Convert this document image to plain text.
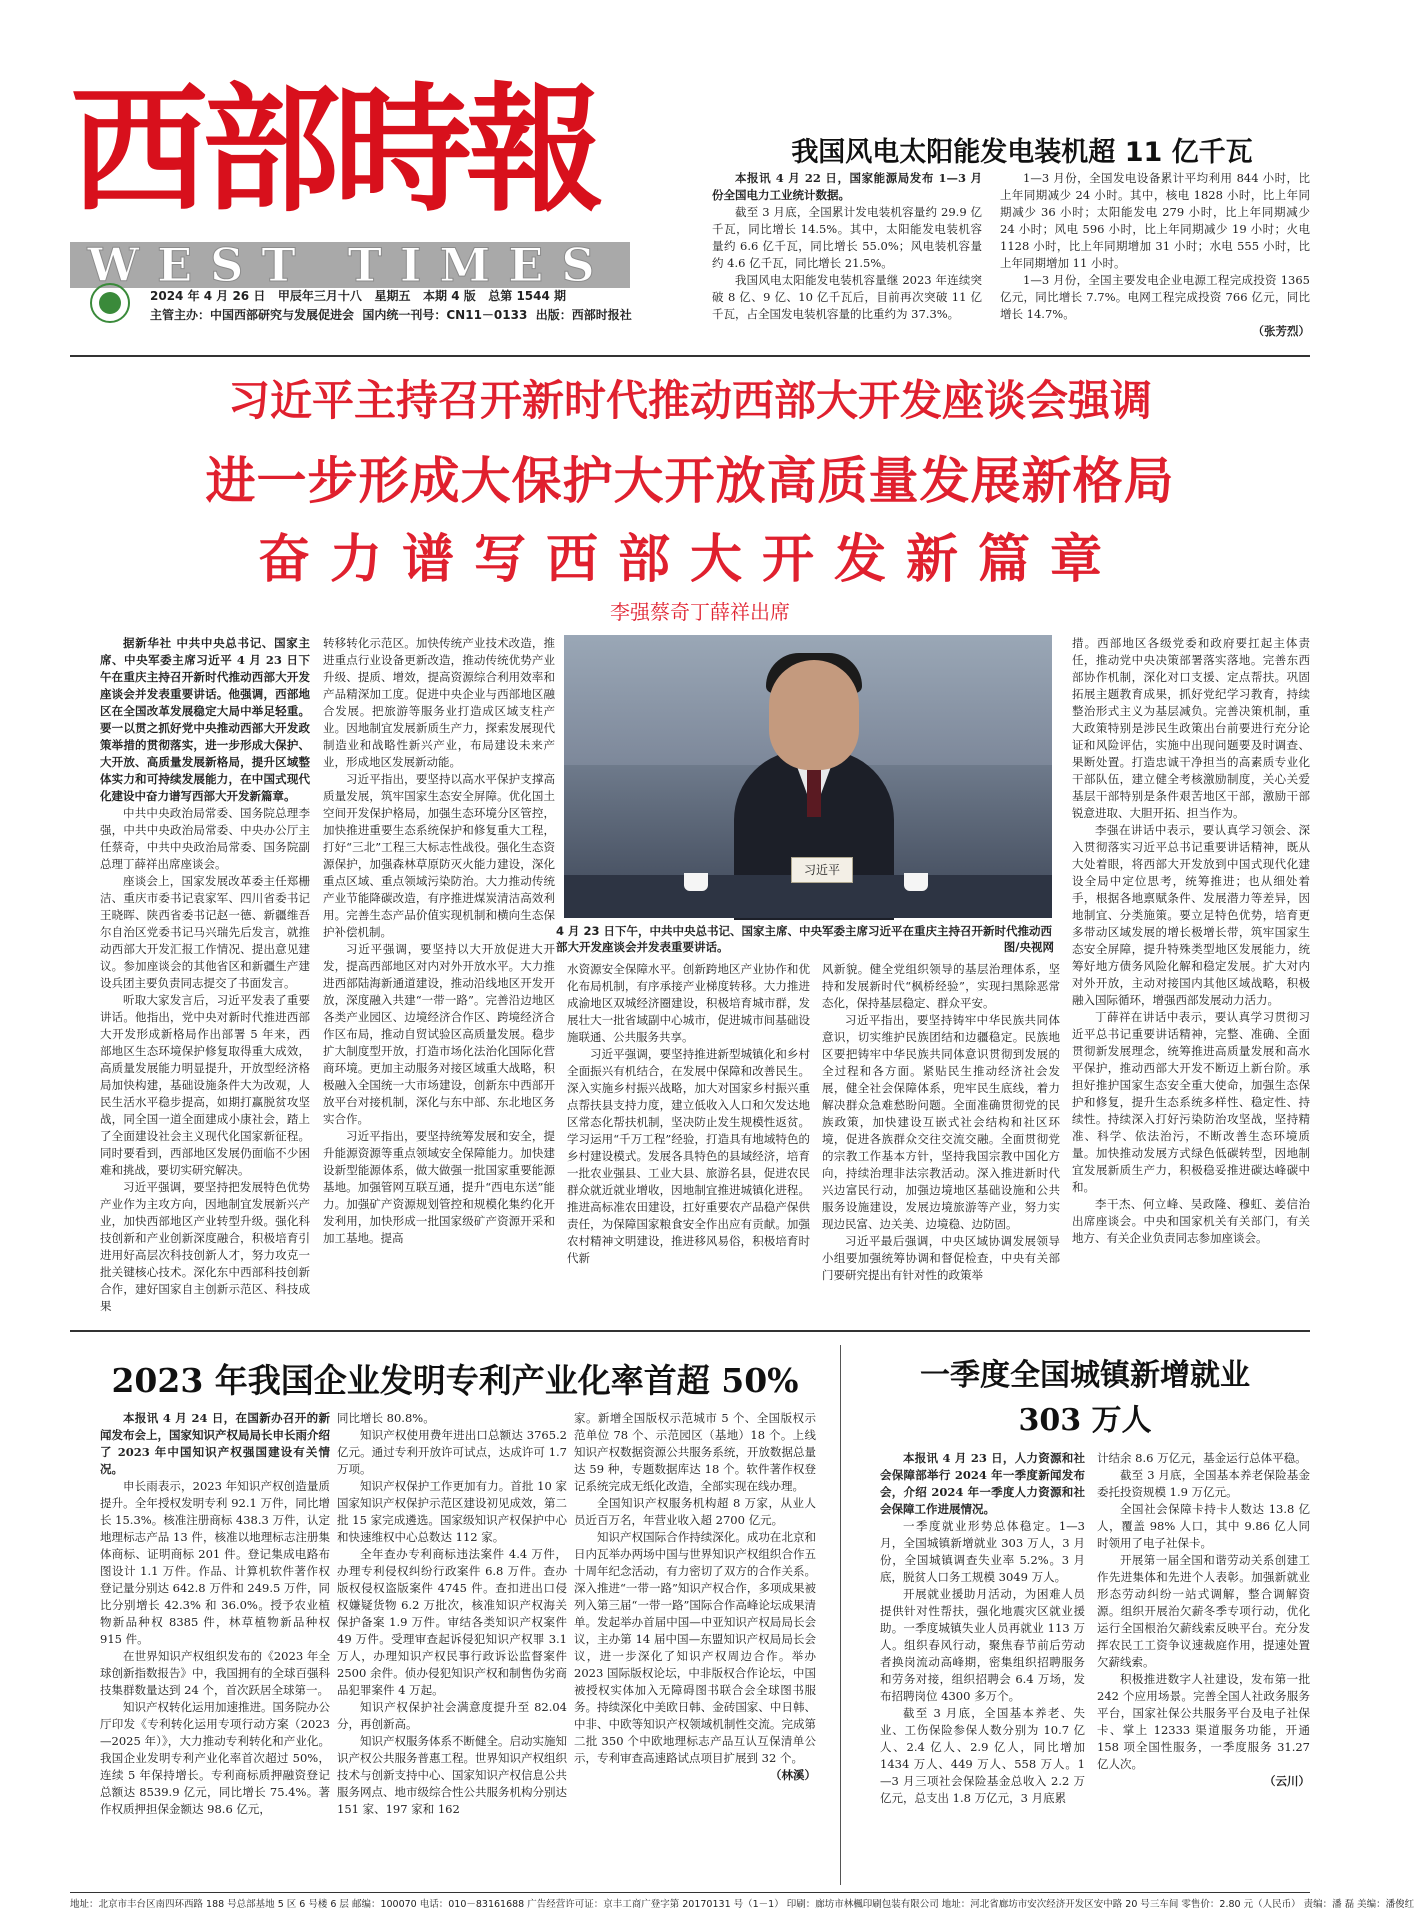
西部時報
WEST TIMES
2024 年 4 月 26 日 甲辰年三月十八 星期五 本期 4 版 总第 1544 期
主管主办：中国西部研究与发展促进会 国内统一刊号：CN11－0133 出版：西部时报社
我国风电太阳能发电装机超 11 亿千瓦

本报讯 4 月 22 日，国家能源局发布 1—3 月份全国电力工业统计数据。

截至 3 月底，全国累计发电装机容量约 29.9 亿千瓦，同比增长 14.5%。其中，太阳能发电装机容量约 6.6 亿千瓦，同比增长 55.0%；风电装机容量约 4.6 亿千瓦，同比增长 21.5%。

我国风电太阳能发电装机容量继 2023 年连续突破 8 亿、9 亿、10 亿千瓦后，目前再次突破 11 亿千瓦，占全国发电装机容量的比重约为 37.3%。

1—3 月份，全国发电设备累计平均利用 844 小时，比上年同期减少 24 小时。其中，核电 1828 小时，比上年同期减少 36 小时；太阳能发电 279 小时，比上年同期减少 24 小时；风电 596 小时，比上年同期减少 19 小时；火电 1128 小时，比上年同期增加 31 小时；水电 555 小时，比上年同期增加 11 小时。

1—3 月份，全国主要发电企业电源工程完成投资 1365 亿元，同比增长 7.7%。电网工程完成投资 766 亿元，同比增长 14.7%。

（张芳烈）
习近平主持召开新时代推动西部大开发座谈会强调
进一步形成大保护大开放高质量发展新格局
奋力谱写西部大开发新篇章
李强蔡奇丁薛祥出席

据新华社 中共中央总书记、国家主席、中央军委主席习近平 4 月 23 日下午在重庆主持召开新时代推动西部大开发座谈会并发表重要讲话。他强调，西部地区在全国改革发展稳定大局中举足轻重。要一以贯之抓好党中央推动西部大开发政策举措的贯彻落实，进一步形成大保护、大开放、高质量发展新格局，提升区域整体实力和可持续发展能力，在中国式现代化建设中奋力谱写西部大开发新篇章。

中共中央政治局常委、国务院总理李强，中共中央政治局常委、中央办公厅主任蔡奇，中共中央政治局常委、国务院副总理丁薛祥出席座谈会。

座谈会上，国家发展改革委主任郑栅洁、重庆市委书记袁家军、四川省委书记王晓晖、陕西省委书记赵一德、新疆维吾尔自治区党委书记马兴瑞先后发言，就推动西部大开发汇报工作情况、提出意见建议。参加座谈会的其他省区和新疆生产建设兵团主要负责同志提交了书面发言。

听取大家发言后，习近平发表了重要讲话。他指出，党中央对新时代推进西部大开发形成新格局作出部署 5 年来，西部地区生态环境保护修复取得重大成效，高质量发展能力明显提升，开放型经济格局加快构建，基础设施条件大为改观，人民生活水平稳步提高，如期打赢脱贫攻坚战，同全国一道全面建成小康社会，踏上了全面建设社会主义现代化国家新征程。同时要看到，西部地区发展仍面临不少困难和挑战，要切实研究解决。

习近平强调，要坚持把发展特色优势产业作为主攻方向，因地制宜发展新兴产业，加快西部地区产业转型升级。强化科技创新和产业创新深度融合，积极培育引进用好高层次科技创新人才，努力攻克一批关键核心技术。深化东中西部科技创新合作，建好国家自主创新示范区、科技成果

转移转化示范区。加快传统产业技术改造，推进重点行业设备更新改造，推动传统优势产业升级、提质、增效，提高资源综合利用效率和产品精深加工度。促进中央企业与西部地区融合发展。把旅游等服务业打造成区域支柱产业。因地制宜发展新质生产力，探索发展现代制造业和战略性新兴产业，布局建设未来产业，形成地区发展新动能。

习近平指出，要坚持以高水平保护支撑高质量发展，筑牢国家生态安全屏障。优化国土空间开发保护格局，加强生态环境分区管控，加快推进重要生态系统保护和修复重大工程，打好“三北”工程三大标志性战役。强化生态资源保护，加强森林草原防灭火能力建设，深化重点区域、重点领域污染防治。大力推动传统产业节能降碳改造，有序推进煤炭清洁高效利用。完善生态产品价值实现机制和横向生态保护补偿机制。

习近平强调，要坚持以大开放促进大开发，提高西部地区对内对外开放水平。大力推进西部陆海新通道建设，推动沿线地区开发开放，深度融入共建“一带一路”。完善沿边地区各类产业园区、边境经济合作区、跨境经济合作区布局，推动自贸试验区高质量发展。稳步扩大制度型开放，打造市场化法治化国际化营商环境。更加主动服务对接区域重大战略，积极融入全国统一大市场建设，创新东中西部开放平台对接机制，深化与东中部、东北地区务实合作。

习近平指出，要坚持统筹发展和安全，提升能源资源等重点领域安全保障能力。加快建设新型能源体系，做大做强一批国家重要能源基地。加强管网互联互通，提升“西电东送”能力。加强矿产资源规划管控和规模化集约化开发利用，加快形成一批国家级矿产资源开采和加工基地。提高

习近平
4 月 23 日下午，中共中央总书记、国家主席、中央军委主席习近平在重庆主持召开新时代推动西部大开发座谈会并发表重要讲话。	图/央视网

水资源安全保障水平。创新跨地区产业协作和优化布局机制，有序承接产业梯度转移。大力推进成渝地区双城经济圈建设，积极培育城市群，发展壮大一批省域副中心城市，促进城市间基础设施联通、公共服务共享。

习近平强调，要坚持推进新型城镇化和乡村全面振兴有机结合，在发展中保障和改善民生。深入实施乡村振兴战略，加大对国家乡村振兴重点帮扶县支持力度，建立低收入人口和欠发达地区常态化帮扶机制，坚决防止发生规模性返贫。学习运用“千万工程”经验，打造具有地域特色的乡村建设模式。发展各具特色的县域经济，培育一批农业强县、工业大县、旅游名县，促进农民群众就近就业增收，因地制宜推进城镇化进程。推进高标准农田建设，扛好重要农产品稳产保供责任，为保障国家粮食安全作出应有贡献。加强农村精神文明建设，推进移风易俗，积极培育时代新

风新貌。健全党组织领导的基层治理体系，坚持和发展新时代“枫桥经验”，实现扫黑除恶常态化，保持基层稳定、群众平安。

习近平指出，要坚持铸牢中华民族共同体意识，切实维护民族团结和边疆稳定。民族地区要把铸牢中华民族共同体意识贯彻到发展的全过程和各方面。紧贴民生推动经济社会发展，健全社会保障体系，兜牢民生底线，着力解决群众急难愁盼问题。全面准确贯彻党的民族政策，加快建设互嵌式社会结构和社区环境，促进各族群众交往交流交融。全面贯彻党的宗教工作基本方针，坚持我国宗教中国化方向，持续治理非法宗教活动。深入推进新时代兴边富民行动，加强边境地区基础设施和公共服务设施建设，发展边境旅游等产业，努力实现边民富、边关美、边境稳、边防固。

习近平最后强调，中央区域协调发展领导小组要加强统筹协调和督促检查，中央有关部门要研究提出有针对性的政策举

措。西部地区各级党委和政府要扛起主体责任，推动党中央决策部署落实落地。完善东西部协作机制，深化对口支援、定点帮扶。巩固拓展主题教育成果，抓好党纪学习教育，持续整治形式主义为基层减负。完善决策机制，重大政策特别是涉民生政策出台前要进行充分论证和风险评估，实施中出现问题要及时调查、果断处置。打造忠诚干净担当的高素质专业化干部队伍，建立健全考核激励制度，关心关爱基层干部特别是条件艰苦地区干部，激励干部锐意进取、大胆开拓、担当作为。

李强在讲话中表示，要认真学习领会、深入贯彻落实习近平总书记重要讲话精神，既从大处着眼，将西部大开发放到中国式现代化建设全局中定位思考，统筹推进；也从细处着手，根据各地禀赋条件、发展潜力等差异，因地制宜、分类施策。要立足特色优势，培育更多带动区域发展的增长极增长带，筑牢国家生态安全屏障，提升特殊类型地区发展能力，统筹好地方债务风险化解和稳定发展。扩大对内对外开放，主动对接国内其他区域战略，积极融入国际循环，增强西部发展动力活力。

丁薛祥在讲话中表示，要认真学习贯彻习近平总书记重要讲话精神，完整、准确、全面贯彻新发展理念，统筹推进高质量发展和高水平保护，推动西部大开发不断迈上新台阶。承担好推护国家生态安全重大使命，加强生态保护和修复，提升生态系统多样性、稳定性、持续性。持续深入打好污染防治攻坚战，坚持精准、科学、依法治污，不断改善生态环境质量。加快推动发展方式绿色低碳转型，因地制宜发展新质生产力，积极稳妥推进碳达峰碳中和。

李干杰、何立峰、吴政隆、穆虹、姜信治出席座谈会。中央和国家机关有关部门，有关地方、有关企业负责同志参加座谈会。

2023 年我国企业发明专利产业化率首超 50%

本报讯 4 月 24 日，在国新办召开的新闻发布会上，国家知识产权局局长申长雨介绍了 2023 年中国知识产权强国建设有关情况。

申长雨表示，2023 年知识产权创造量质提升。全年授权发明专利 92.1 万件，同比增长 15.3%。核准注册商标 438.3 万件，认定地理标志产品 13 件，核准以地理标志注册集体商标、证明商标 201 件。登记集成电路布图设计 1.1 万件。作品、计算机软件著作权登记量分别达 642.8 万件和 249.5 万件，同比分别增长 42.3% 和 36.0%。授予农业植物新品种权 8385 件，林草植物新品种权 915 件。

在世界知识产权组织发布的《2023 年全球创新指数报告》中，我国拥有的全球百强科技集群数量达到 24 个，首次跃居全球第一。

知识产权转化运用加速推进。国务院办公厅印发《专利转化运用专项行动方案（2023—2025 年）》，大力推动专利转化和产业化。我国企业发明专利产业化率首次超过 50%，连续 5 年保持增长。专利商标质押融资登记总额达 8539.9 亿元，同比增长 75.4%。著作权质押担保金额达 98.6 亿元，

同比增长 80.8%。

知识产权使用费年进出口总额达 3765.2 亿元。通过专利开放许可试点，达成许可 1.7 万项。

知识产权保护工作更加有力。首批 10 家国家知识产权保护示范区建设初见成效，第二批 15 家完成遴选。国家级知识产权保护中心和快速维权中心总数达 112 家。

全年查办专利商标违法案件 4.4 万件，办理专利侵权纠纷行政案件 6.8 万件。查办版权侵权盗版案件 4745 件。查扣进出口侵权嫌疑货物 6.2 万批次，核准知识产权海关保护备案 1.9 万件。审结各类知识产权案件 49 万件。受理审查起诉侵犯知识产权罪 3.1 万人，办理知识产权民事行政诉讼监督案件 2500 余件。侦办侵犯知识产权和制售伪劣商品犯罪案件 4 万起。

知识产权保护社会满意度提升至 82.04 分，再创新高。

知识产权服务体系不断健全。启动实施知识产权公共服务普惠工程。世界知识产权组织技术与创新支持中心、国家知识产权信息公共服务网点、地市级综合性公共服务机构分别达 151 家、197 家和 162

家。新增全国版权示范城市 5 个、全国版权示范单位 78 个、示范园区（基地）18 个。上线知识产权数据资源公共服务系统，开放数据总量达 59 种，专题数据库达 18 个。软件著作权登记系统完成无纸化改造，全部实现在线办理。

全国知识产权服务机构超 8 万家，从业人员近百万名，年营业收入超 2700 亿元。

知识产权国际合作持续深化。成功在北京和日内瓦举办两场中国与世界知识产权组织合作五十周年纪念活动，有力密切了双方的合作关系。深入推进“一带一路”知识产权合作，多项成果被列入第三届“一带一路”国际合作高峰论坛成果清单。发起举办首届中国—中亚知识产权局局长会议，主办第 14 届中国—东盟知识产权局局长会议，进一步深化了知识产权周边合作。举办 2023 国际版权论坛，中非版权合作论坛，中国被授权实体加入无障碍图书联合会全球图书服务。持续深化中美欧日韩、金砖国家、中日韩、中非、中欧等知识产权领域机制性交流。完成第二批 350 个中欧地理标志产品互认互保清单公示，专利审查高速路试点项目扩展到 32 个。

（林溪）
一季度全国城镇新增就业
303 万人

本报讯 4 月 23 日，人力资源和社会保障部举行 2024 年一季度新闻发布会，介绍 2024 年一季度人力资源和社会保障工作进展情况。

一季度就业形势总体稳定。1—3 月，全国城镇新增就业 303 万人，3 月份，全国城镇调查失业率 5.2%。3 月底，脱贫人口务工规模 3049 万人。

开展就业援助月活动，为困难人员提供针对性帮扶，强化地震灾区就业援助。一季度城镇失业人员再就业 113 万人。组织春风行动，聚焦春节前后劳动者换岗流动高峰期，密集组织招聘服务和劳务对接，组织招聘会 6.4 万场，发布招聘岗位 4300 多万个。

截至 3 月底，全国基本养老、失业、工伤保险参保人数分别为 10.7 亿人、2.4 亿人、2.9 亿人，同比增加 1434 万人、449 万人、558 万人。1—3 月三项社会保险基金总收入 2.2 万亿元，总支出 1.8 万亿元，3 月底累

计结余 8.6 万亿元，基金运行总体平稳。

截至 3 月底，全国基本养老保险基金委托投资规模 1.9 万亿元。

全国社会保障卡持卡人数达 13.8 亿人，覆盖 98% 人口，其中 9.86 亿人同时领用了电子社保卡。

开展第一届全国和谐劳动关系创建工作先进集体和先进个人表彰。加强新就业形态劳动纠纷一站式调解，整合调解资源。组织开展治欠薪冬季专项行动，优化运行全国根治欠薪线索反映平台。充分发挥农民工工资争议速裁庭作用，提速处置欠薪线索。

积极推进数字人社建设，发布第一批 242 个应用场景。完善全国人社政务服务平台，国家社保公共服务平台及电子社保卡、掌上 12333 渠道服务功能，开通 158 项全国性服务，一季度服务 31.27 亿人次。

（云川）
地址：北京市丰台区南四环西路 188 号总部基地 5 区 6 号楼 6 层 邮编：100070 电话：010－83161688 广告经营许可证：京丰工商广登字第 20170131 号（1－1） 印刷：廊坊市林楓印刷包装有限公司 地址：河北省廊坊市安次经济开发区安中路 20 号三车间 零售价：2.80 元（人民币） 责编：潘 磊 美编：潘俊红
